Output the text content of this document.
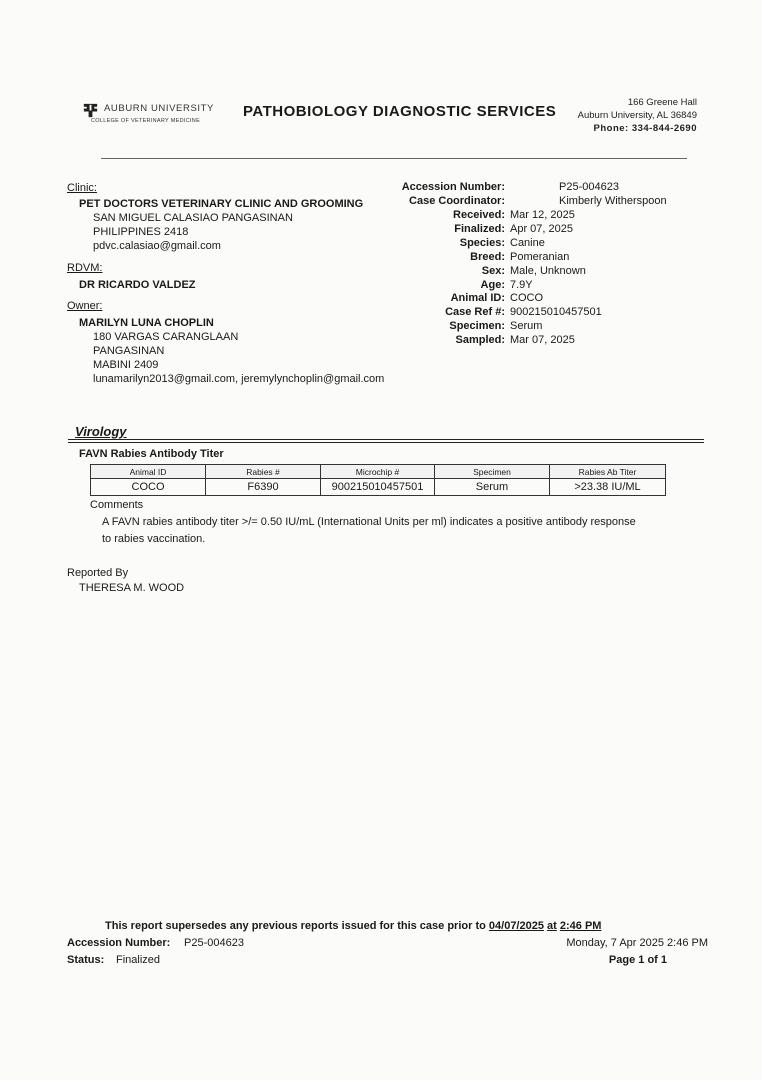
AUBURN UNIVERSITY
COLLEGE OF VETERINARY MEDICINE
PATHOBIOLOGY DIAGNOSTIC SERVICES
166 Greene Hall
Auburn University, AL 36849
Phone: 334-844-2690
Clinic:
PET DOCTORS VETERINARY CLINIC AND GROOMING
SAN MIGUEL CALASIAO PANGASINAN
PHILIPPINES 2418
pdvc.calasiao@gmail.com
RDVM:
DR RICARDO VALDEZ
Owner:
MARILYN LUNA CHOPLIN
180 VARGAS CARANGLAAN
PANGASINAN
MABINI 2409
lunamarilyn2013@gmail.com, jeremylynchoplin@gmail.com
Accession Number:	P25-004623
Case Coordinator:	Kimberly Witherspoon
Received: Mar 12, 2025
Finalized: Apr 07, 2025
Species: Canine
Breed: Pomeranian
Sex: Male, Unknown
Age: 7.9Y
Animal ID: COCO
Case Ref #: 900215010457501
Specimen: Serum
Sampled: Mar 07, 2025
Virology
FAVN Rabies Antibody Titer
Animal ID	Rabies #	Microchip #	Specimen	Rabies Ab Titer
COCO	F6390	900215010457501	Serum	>23.38 IU/ML
Comments
A FAVN rabies antibody titer >/= 0.50 IU/mL (International Units per ml) indicates a positive antibody response to rabies vaccination.
Reported By
THERESA M. WOOD
This report supersedes any previous reports issued for this case prior to 04/07/2025 at 2:46 PM
Accession Number: P25-004623
Status: Finalized
Monday, 7 Apr 2025 2:46 PM
Page 1 of 1
